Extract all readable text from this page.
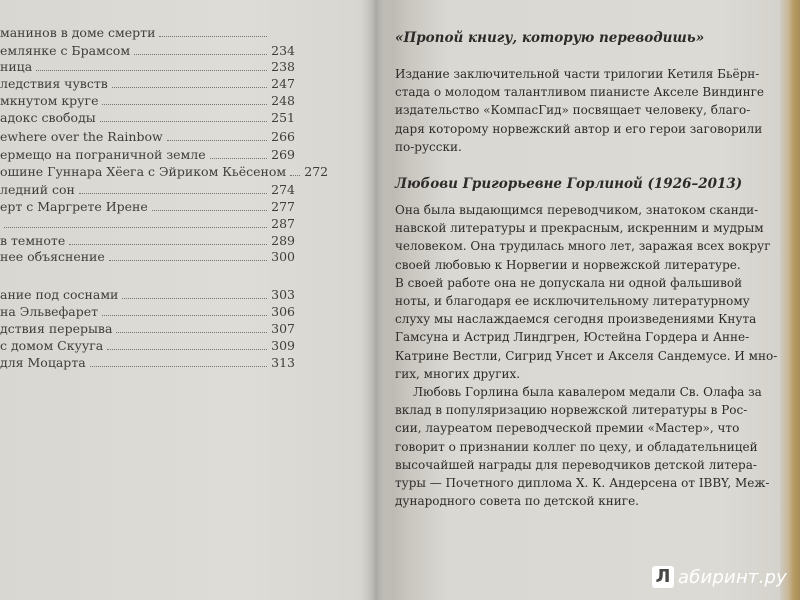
манинов в доме смерти
емлянке с Брамсом	234
ница	238
ледствия чувств	247
мкнутом круге	248
адокс свободы	251
ewhere over the Rainbow	266
ермещо на пограничной земле	269
ошине Гуннара Хёега с Эйриком Кьёсеном 272
ледний сон	274
ерт с Маргрете Ирене	277
287
в темноте	289
нее объяснение	300
ание под соснами	303
на Эльвефарет	306
дствия перерыва	307
с домом Скууга	309
для Моцарта	313
«Пропой книгу, которую переводишь»
Издание заключительной части трилогии Кетиля Бьёрн-
стада о молодом талантливом пианисте Акселе Виндинге
издательство «КомпасГид» посвящает человеку, благо-
даря которому норвежский автор и его герои заговорили
по-русски.
Любови Григорьевне Горлиной (1926–2013)
Она была выдающимся переводчиком, знатоком сканди-
навской литературы и прекрасным, искренним и мудрым
человеком. Она трудилась много лет, заражая всех вокруг
своей любовью к Норвегии и норвежской литературе.
В своей работе она не допускала ни одной фальшивой
ноты, и благодаря ее исключительному литературному
слуху мы наслаждаемся сегодня произведениями Кнута
Гамсуна и Астрид Линдгрен, Юстейна Гордера и Анне-
Катрине Вестли, Сигрид Унсет и Акселя Сандемусе. И мно-
гих, многих других.
Любовь Горлина была кавалером медали Св. Олафа за
вклад в популяризацию норвежской литературы в Рос-
сии, лауреатом переводческой премии «Мастер», что
говорит о признании коллег по цеху, и обладательницей
высочайшей награды для переводчиков детской литера-
туры — Почетного диплома Х. К. Андерсена от IBBY, Меж-
дународного совета по детской книге.
Л абиринт.ру
